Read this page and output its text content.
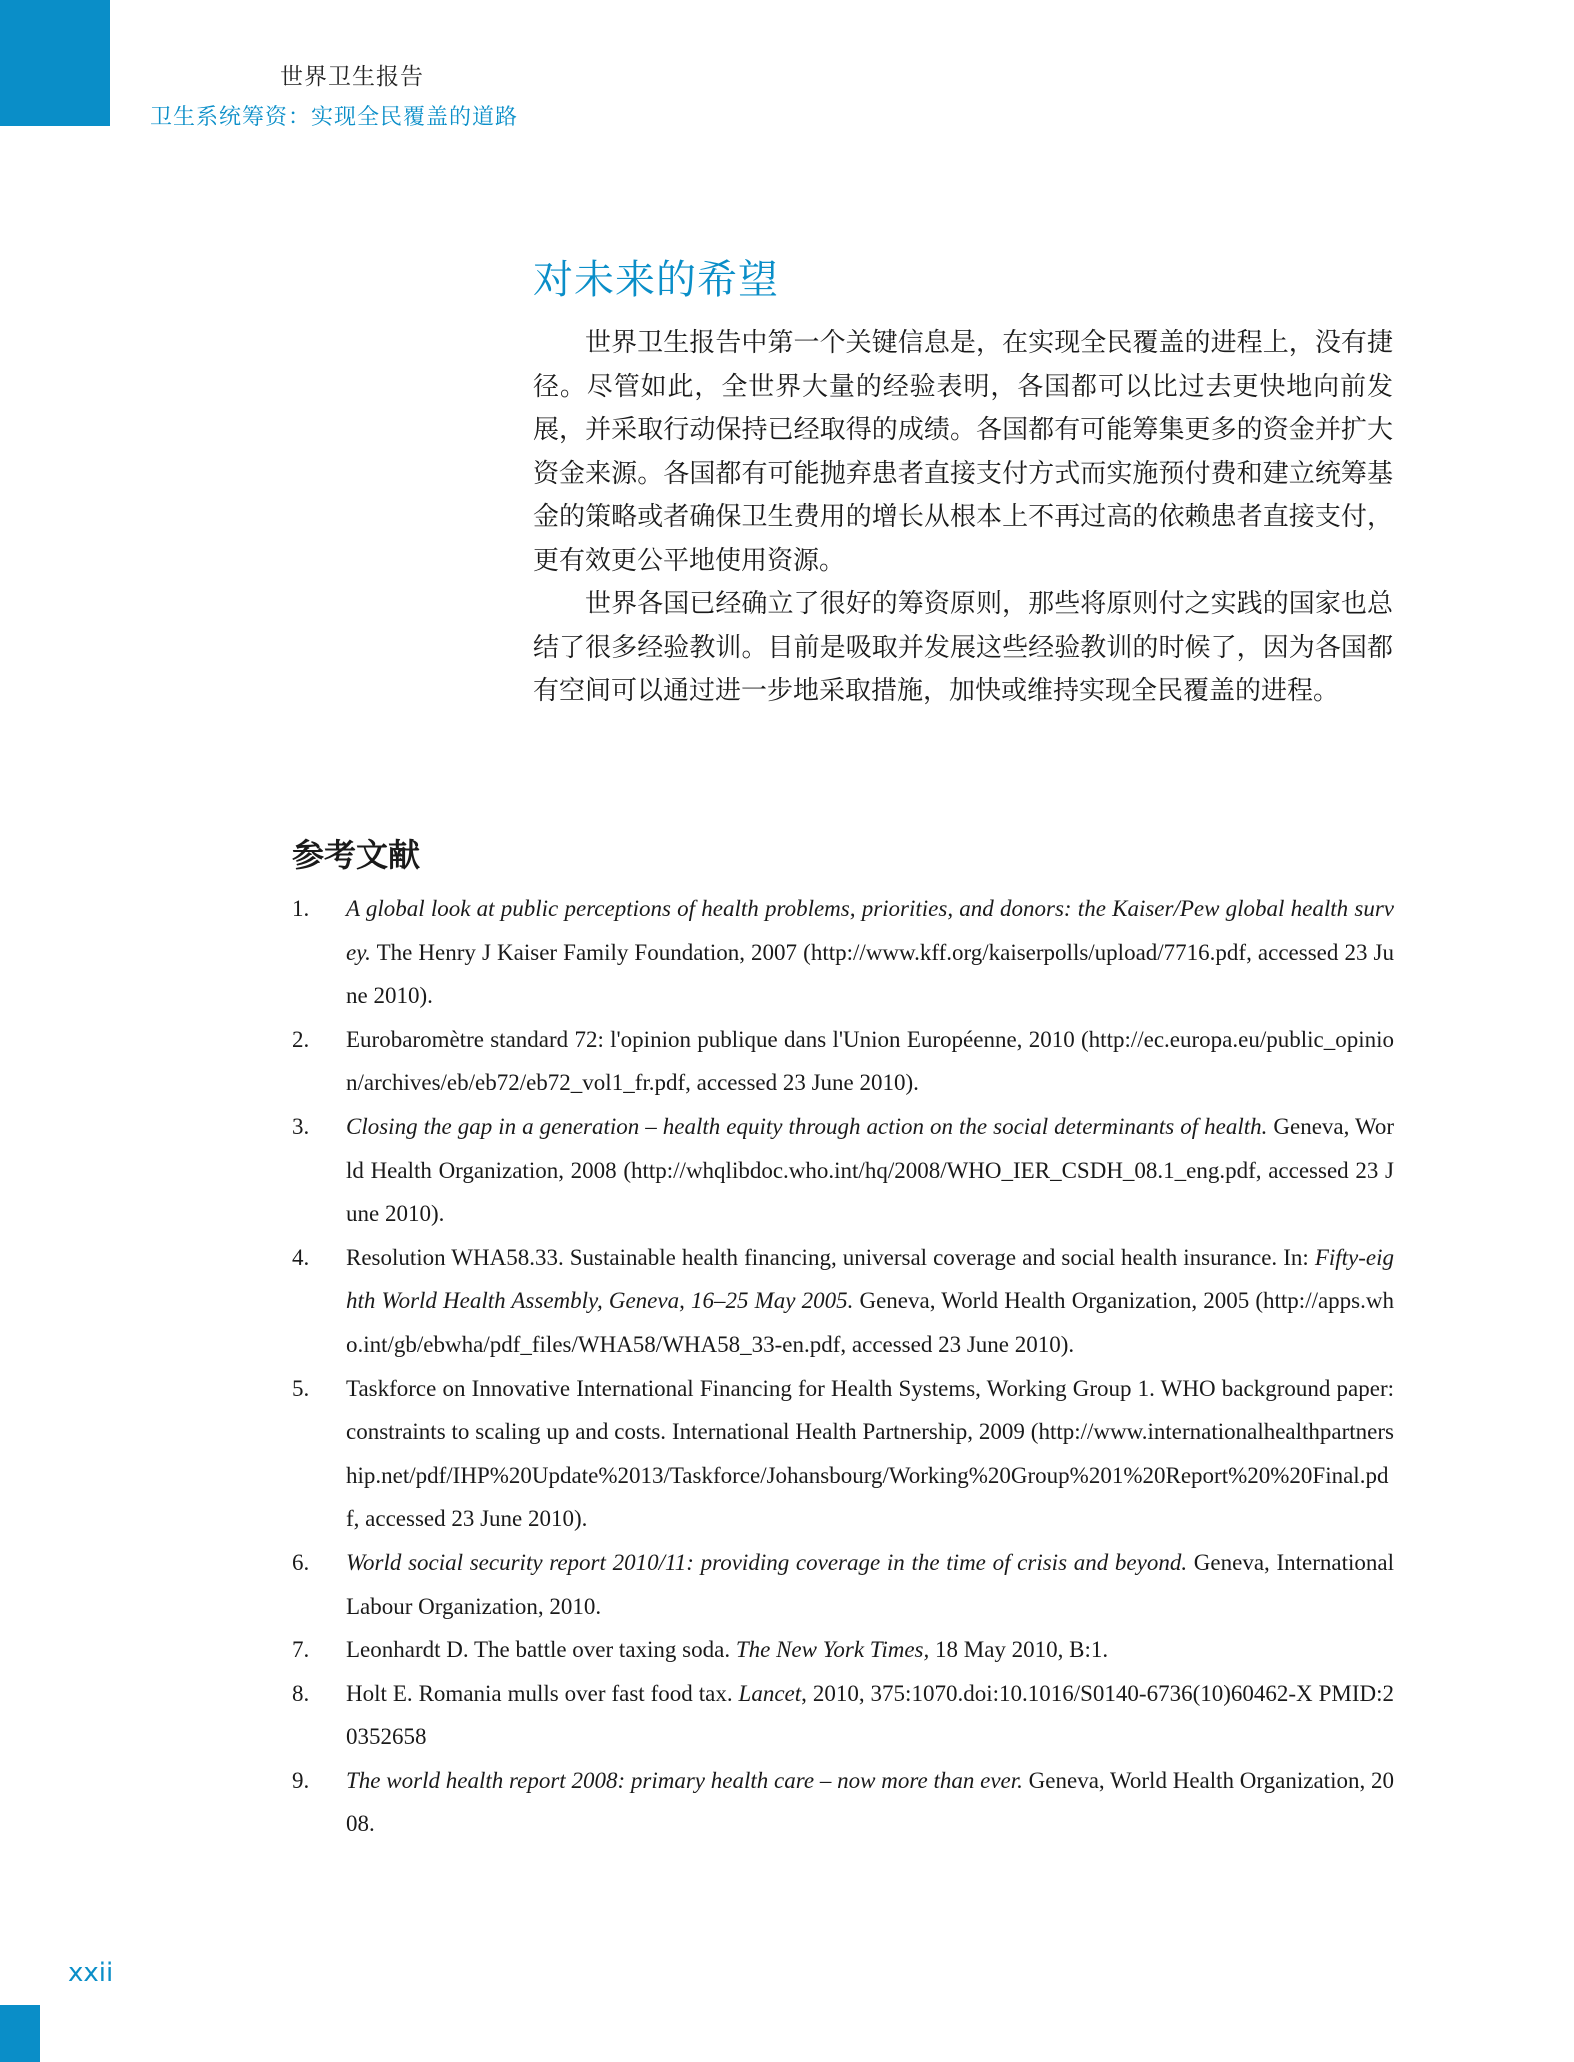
世界卫生报告
卫生系统筹资：实现全民覆盖的道路
对未来的希望

世界卫生报告中第一个关键信息是，在实现全民覆盖的进程上，没有捷径。尽管如此，全世界大量的经验表明，各国都可以比过去更快地向前发展，并采取行动保持已经取得的成绩。各国都有可能筹集更多的资金并扩大资金来源。各国都有可能抛弃患者直接支付方式而实施预付费和建立统筹基金的策略或者确保卫生费用的增长从根本上不再过高的依赖患者直接支付，更有效更公平地使用资源。

世界各国已经确立了很好的筹资原则，那些将原则付之实践的国家也总结了很多经验教训。目前是吸取并发展这些经验教训的时候了，因为各国都有空间可以通过进一步地采取措施，加快或维持实现全民覆盖的进程。

参考文献
1.	A global look at public perceptions of health problems, priorities, and donors: the Kaiser/Pew global health survey. The Henry J Kaiser Family Foundation, 2007 (http://www.kff.org/kaiserpolls/upload/7716.pdf, accessed 23 June 2010).
2.	Eurobaromètre standard 72: l'opinion publique dans l'Union Européenne, 2010 (http://ec.europa.eu/public_opinion/archives/eb/eb72/eb72_vol1_fr.pdf, accessed 23 June 2010).
3.	Closing the gap in a generation – health equity through action on the social determinants of health. Geneva, World Health Organization, 2008 (http://whqlibdoc.who.int/hq/2008/WHO_IER_CSDH_08.1_eng.pdf, accessed 23 June 2010).
4.	Resolution WHA58.33. Sustainable health financing, universal coverage and social health insurance. In: Fifty-eighth World Health Assembly, Geneva, 16–25 May 2005. Geneva, World Health Organization, 2005 (http://apps.who.int/gb/ebwha/pdf_files/WHA58/WHA58_33-en.pdf, accessed 23 June 2010).
5.	Taskforce on Innovative International Financing for Health Systems, Working Group 1. WHO background paper: constraints to scaling up and costs. International Health Partnership, 2009 (http://www.internationalhealthpartnership.net/pdf/IHP%20Update%2013/Taskforce/Johansbourg/Working%20Group%201%20Report%20%20Final.pdf, accessed 23 June 2010).
6.	World social security report 2010/11: providing coverage in the time of crisis and beyond. Geneva, International Labour Organization, 2010.
7.	Leonhardt D. The battle over taxing soda. The New York Times, 18 May 2010, B:1.
8.	Holt E. Romania mulls over fast food tax. Lancet, 2010, 375:1070.doi:10.1016/S0140-6736(10)60462-X PMID:20352658
9.	The world health report 2008: primary health care – now more than ever. Geneva, World Health Organization, 2008.
xxii
